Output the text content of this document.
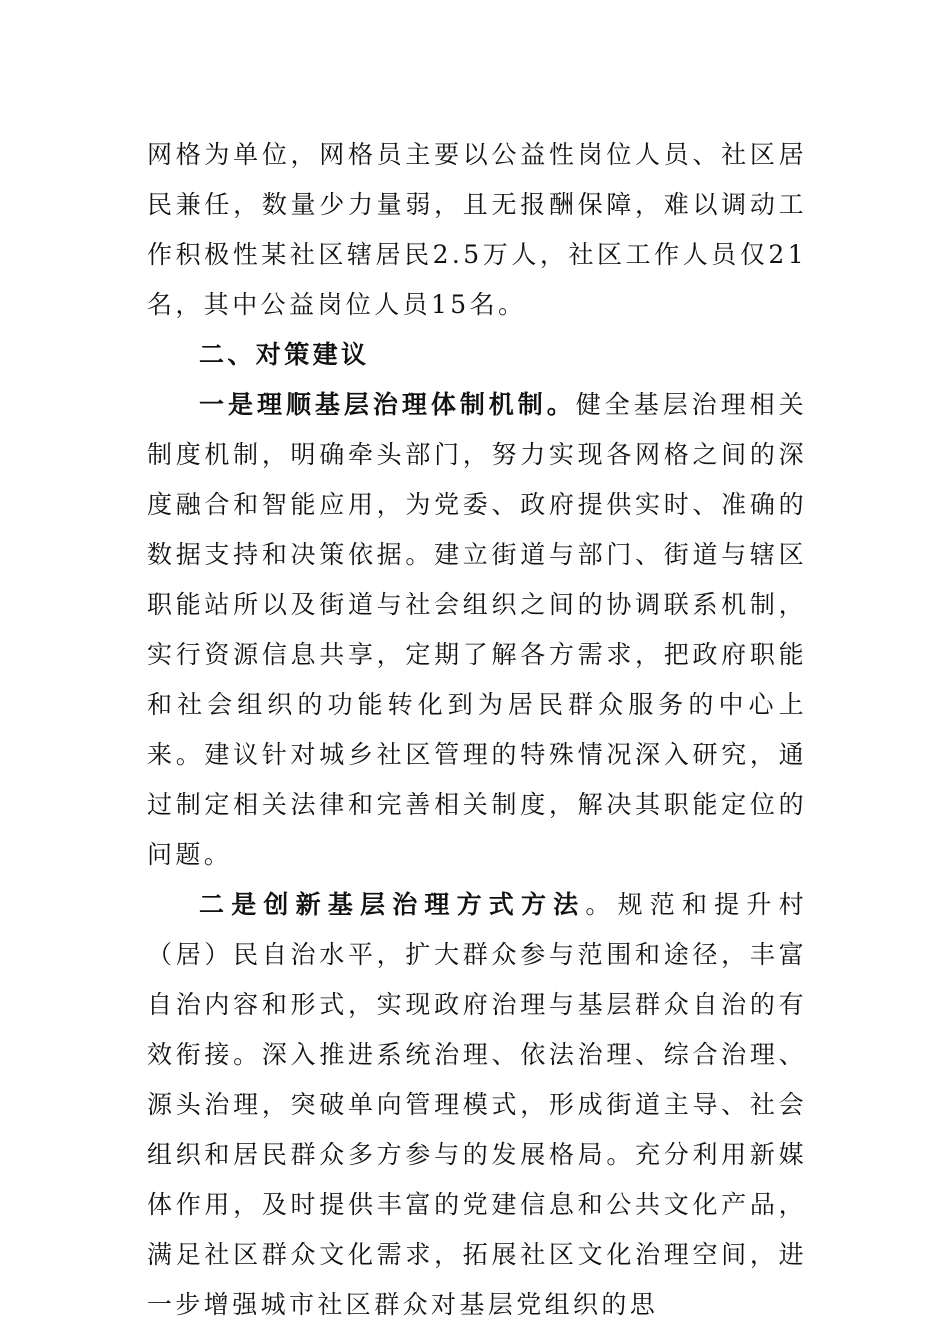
网格为单位，网格员主要以公益性岗位人员、社区居民兼任，数量少力量弱，且无报酬保障，难以调动工作积极性某社区辖居民2.5万人，社区工作人员仅21名，其中公益岗位人员15名。

二、对策建议

一是理顺基层治理体制机制。健全基层治理相关制度机制，明确牵头部门，努力实现各网格之间的深度融合和智能应用，为党委、政府提供实时、准确的数据支持和决策依据。建立街道与部门、街道与辖区职能站所以及街道与社会组织之间的协调联系机制，实行资源信息共享，定期了解各方需求，把政府职能和社会组织的功能转化到为居民群众服务的中心上来。建议针对城乡社区管理的特殊情况深入研究，通过制定相关法律和完善相关制度，解决其职能定位的问题。

二是创新基层治理方式方法。规范和提升村（居）民自治水平，扩大群众参与范围和途径，丰富自治内容和形式，实现政府治理与基层群众自治的有效衔接。深入推进系统治理、依法治理、综合治理、源头治理，突破单向管理模式，形成街道主导、社会组织和居民群众多方参与的发展格局。充分利用新媒体作用，及时提供丰富的党建信息和公共文化产品，满足社区群众文化需求，拓展社区文化治理空间，进一步增强城市社区群众对基层党组织的思
